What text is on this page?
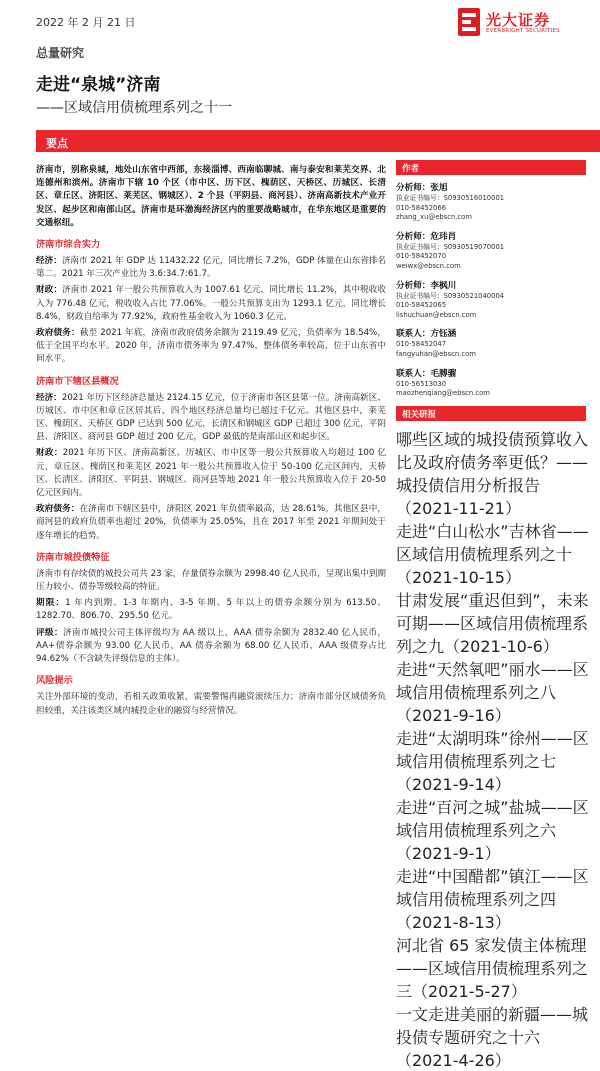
2022 年 2 月 21 日	光大证券
EVERBRIGHT SECURITIES
总量研究
走进“泉城”济南
——区域信用债梳理系列之十一
要点

济南市，别称泉城，地处山东省中西部，东接淄博、西南临聊城、南与泰安和莱芜交界、北连德州和滨州。济南市下辖 10 个区（市中区、历下区、槐荫区、天桥区、历城区、长清区、章丘区、济阳区、莱芜区、钢城区）、2 个县（平阴县、商河县）、济南高新技术产业开发区、起步区和南部山区。济南市是环渤海经济区内的重要战略城市，在华东地区是重要的交通枢纽。

济南市综合实力

经济：济南市 2021 年 GDP 达 11432.22 亿元，同比增长 7.2%，GDP 体量在山东省排名第二。2021 年三次产业比为 3.6:34.7:61.7。

财政：济南市 2021 年一般公共预算收入为 1007.61 亿元，同比增长 11.2%，其中税收收入为 776.48 亿元，税收收入占比 77.06%。一般公共预算支出为 1293.1 亿元，同比增长 8.4%，财政自给率为 77.92%，政府性基金收入为 1060.3 亿元。

政府债务：截至 2021 年底，济南市政府债务余额为 2119.49 亿元，负债率为 18.54%，低于全国平均水平。2020 年，济南市债务率为 97.47%，整体债务率较高，位于山东省中间水平。

济南市下辖区县概况

经济：2021 年历下区经济总量达 2124.15 亿元，位于济南市各区县第一位。济南高新区、历城区、市中区和章丘区居其后，四个地区经济总量均已超过千亿元。其他区县中，莱芜区、槐荫区、天桥区 GDP 已达到 500 亿元，长清区和钢城区 GDP 已超过 300 亿元，平阴县、济阳区、商河县 GDP 超过 200 亿元，GDP 最低的是南部山区和起步区。

财政：2021 年历下区、济南高新区、历城区、市中区等一般公共预算收入均超过 100 亿元，章丘区、槐荫区和莱芜区 2021 年一般公共预算收入位于 50-100 亿元区间内，天桥区、长清区、济阳区、平阴县、钢城区、商河县等地 2021 年一般公共预算收入位于 20-50 亿元区间内。

政府债务：在济南市下辖区县中，济阳区 2021 年负债率最高，达 28.61%。其他区县中，商河县的政府负债率也超过 20%，负债率为 25.05%，且在 2017 年至 2021 年期间处于逐年增长的趋势。

济南市城投债特征

济南市有存续债的城投公司共 23 家，存量债券余额为 2998.40 亿人民币，呈现出集中到期压力较小、债券等级较高的特征。

期限：1 年内到期、1-3 年期内、3-5 年期、5 年以上的债券余额分别为 613.50、1282.70、806.70、295.50 亿元。

评级：济南市城投公司主体评级均为 AA 级以上，AAA 债券余额为 2832.40 亿人民币，AA+债券余额为 93.00 亿人民币，AA 债券余额为 68.00 亿人民币，AAA 级债券占比 94.62%（不含缺失评级信息的主体）。

风险提示

关注外部环境的变动，若相关政策收紧，需要警惕再融资滚续压力；济南市部分区域债务负担较重，关注该类区域内城投企业的融资与经营情况。

作者
分析师：张旭
执业证书编号：S0930516010001
010-58452066
zhang_xu@ebscn.com
分析师：危玮肖
执业证书编号：S0930519070001
010-58452070
weiwx@ebscn.com
分析师：李枫川
执业证书编号：S0930521040004
010-58452065
lishuchuan@ebscn.com
联系人：方钰涵
010-58452047
fangyuhan@ebscn.com
联系人：毛膊骝
010-56513030
maozhenqiang@ebscn.com
相关研报
哪些区域的城投债预算收入比及政府债务率更低？——城投债信用分析报告（2021-11-21）
走进“白山松水”吉林省——区域信用债梳理系列之十（2021-10-15）
甘肃发展“重迟但到”，未来可期——区域信用债梳理系列之九（2021-10-6）
走进“天然氧吧”丽水——区域信用债梳理系列之八（2021-9-16）
走进“太湖明珠”徐州——区域信用债梳理系列之七（2021-9-14）
走进“百河之城”盐城——区域信用债梳理系列之六（2021-9-1）
走进“中国醋都”镇江——区域信用债梳理系列之四（2021-8-13）
河北省 65 家发债主体梳理——区域信用债梳理系列之三（2021-5-27）
一文走进美丽的新疆——城投债专题研究之十六（2021-4-26）
